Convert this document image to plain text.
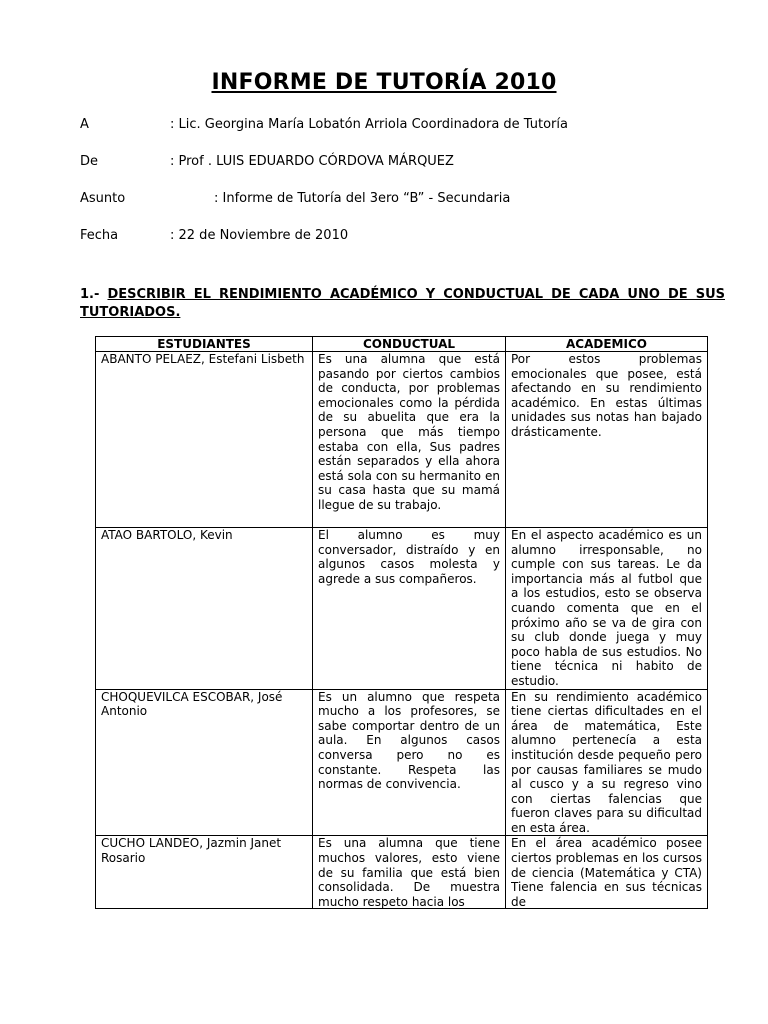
INFORME DE TUTORÍA 2010
A	: Lic. Georgina María Lobatón Arriola Coordinadora de Tutoría
De	: Prof . LUIS EDUARDO CÓRDOVA MÁRQUEZ
Asunto	: Informe de Tutoría del 3ero “B” - Secundaria
Fecha	: 22 de Noviembre de 2010
1.- DESCRIBIR EL RENDIMIENTO ACADÉMICO Y CONDUCTUAL DE CADA UNO DE SUS TUTORIADOS.
ESTUDIANTES	CONDUCTUAL	ACADEMICO
ABANTO PELAEZ, Estefani Lisbeth	Es una alumna que está pasando por ciertos cambios de conducta, por problemas emocionales como la pérdida de su abuelita que era la persona que más tiempo estaba con ella, Sus padres están separados y ella ahora está sola con su hermanito en su casa hasta que su mamá llegue de su trabajo.	Por estos problemas emocionales que posee, está afectando en su rendimiento académico. En estas últimas unidades sus notas han bajado drásticamente.
ATAO BARTOLO, Kevin	El alumno es muy conversador, distraído y en algunos casos molesta y agrede a sus compañeros.	En el aspecto académico es un alumno irresponsable, no cumple con sus tareas. Le da importancia más al futbol que a los estudios, esto se observa cuando comenta que en el próximo año se va de gira con su club donde juega y muy poco habla de sus estudios. No tiene técnica ni habito de estudio.
CHOQUEVILCA ESCOBAR, José Antonio	Es un alumno que respeta mucho a los profesores, se sabe comportar dentro de un aula. En algunos casos conversa pero no es constante. Respeta las normas de convivencia.	En su rendimiento académico tiene ciertas dificultades en el área de matemática, Este alumno pertenecía a esta institución desde pequeño pero por causas familiares se mudo al cusco y a su regreso vino con ciertas falencias que fueron claves para su dificultad en esta área.

CUCHO LANDEO, Jazmin Janet Rosario	Es una alumna que tiene muchos valores, esto viene de su familia que está bien consolidada. De muestra mucho respeto hacia los	En el área académico posee ciertos problemas en los cursos de ciencia (Matemática y CTA) Tiene falencia en sus técnicas de
